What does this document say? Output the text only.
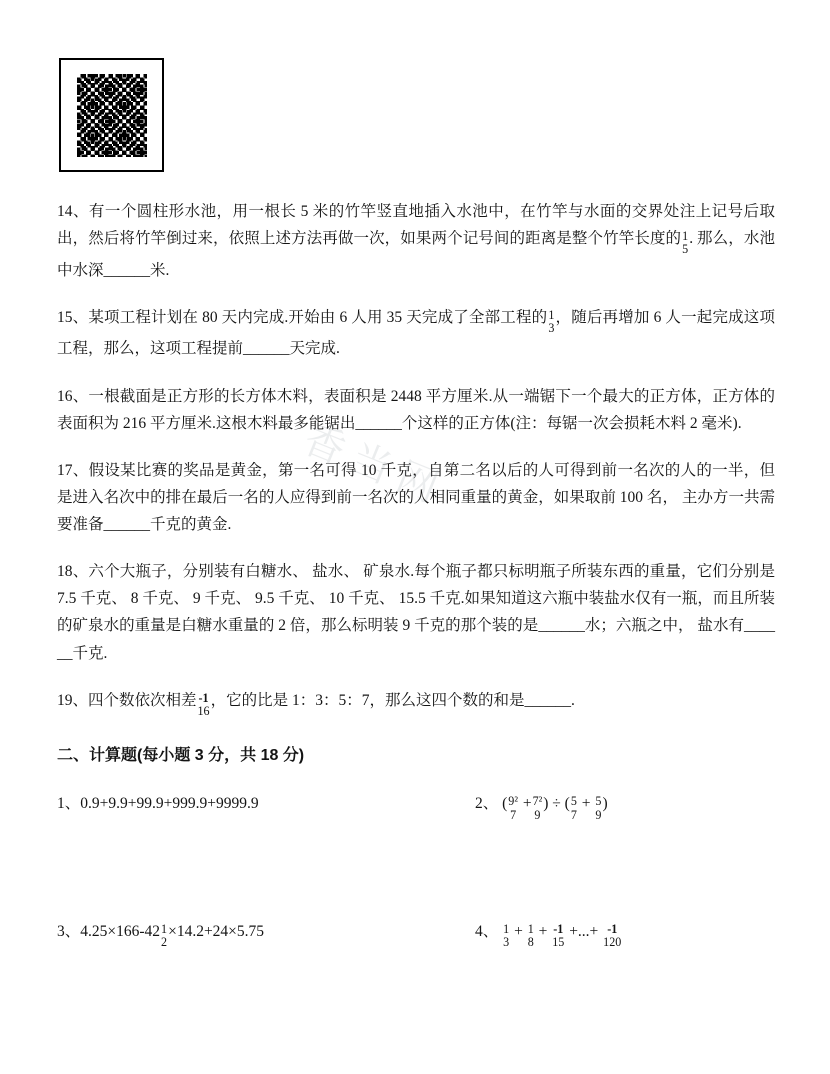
香当网

14、有一个圆柱形水池，用一根长 5 米的竹竿竖直地插入水池中，在竹竿与水面的交界处注上记号后取出，然后将竹竿倒过来，依照上述方法再做一次，如果两个记号间的距离是整个竹竿长度的 1
5
. 那么，水池中水深______米.

15、某项工程计划在 80 天内完成.开始由 6 人用 35 天完成了全部工程的 1
3
，随后再增加 6 人一起完成这项工程，那么，这项工程提前______天完成.

16、一根截面是正方形的长方体木料，表面积是 2448 平方厘米.从一端锯下一个最大的正方体，正方体的表面积为 216 平方厘米.这根木料最多能锯出______个这样的正方体(注：每锯一次会损耗木料 2 毫米).

17、假设某比赛的奖品是黄金，第一名可得 10 千克，自第二名以后的人可得到前一名次的人的一半，但是进入名次中的排在最后一名的人应得到前一名次的人相同重量的黄金，如果取前 100 名， 主办方一共需要准备______千克的黄金.

18、六个大瓶子，分别装有白糖水、 盐水、 矿泉水.每个瓶子都只标明瓶子所装东西的重量，它们分别是 7.5 千克、 8 千克、 9 千克、 9.5 千克、 10 千克、 15.5 千克.如果知道这六瓶中装盐水仅有一瓶，而且所装的矿泉水的重量是白糖水重量的 2 倍，那么标明装 9 千克的那个装的是______水；六瓶之中， 盐水有______千克.

19、四个数依次相差 -1
16
，它的比是 1：3：5：7，那么这四个数的和是______.

二、计算题(每小题 3 分，共 18 分)

1、0.9+9.9+99.9+999.9+9999.9	2、 ( 9²
7
+ 7²
9
) ÷ ( 5
7
+ 5
9
)

3、4.25×166-42 1
2
×14.2+24×5.75	4、 1
3
+ 1
8
+ -1
15
+...+ -1
120
